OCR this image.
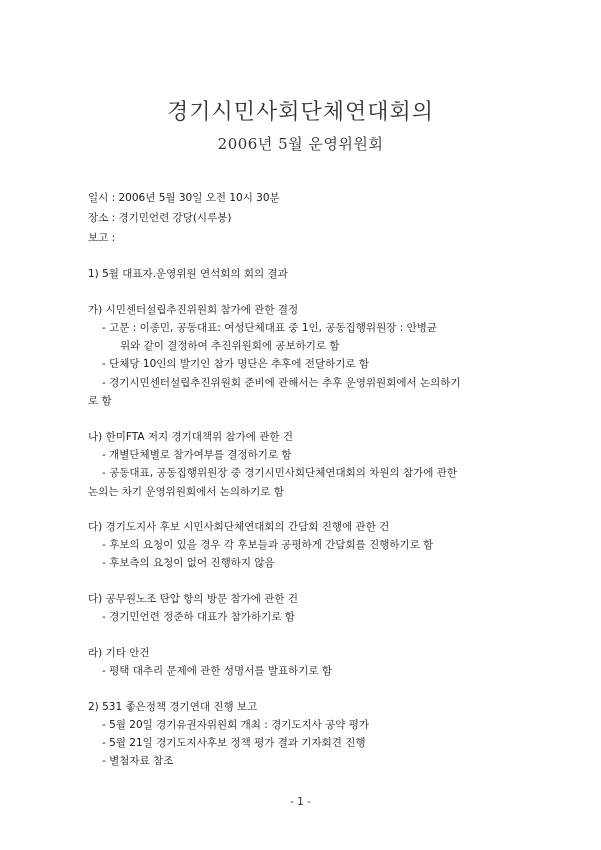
경기시민사회단체연대회의
2006년 5월 운영위원회
일시 : 2006년 5월 30일 오전 10시 30분
장소 : 경기민언련 강당(시루봉)
보고 :
1) 5월 대표자.운영위원 연석회의 회의 결과
가) 시민센터설립추진위원회 참가에 관한 결정
- 고문 : 이종민, 공동대표: 여성단체대표 중 1인, 공동집행위원장 : 안병균
위와 같이 결정하여 추진위원회에 공보하기로 함
- 단체당 10인의 발기인 참가 명단은 추후에 전달하기로 함
- 경기시민센터설립추진위원회 준비에 관해서는 추후 운영위원회에서 논의하기
로 함
나) 한미FTA 저지 경기대책위 참가에 관한 건
- 개별단체별로 참가여부를 결정하기로 함
- 공동대표, 공동집행위원장 중 경기시민사회단체연대회의 차원의 참가에 관한
논의는 차기 운영위원회에서 논의하기로 함
다) 경기도지사 후보 시민사회단체연대회의 간담회 진행에 관한 건
- 후보의 요청이 있을 경우 각 후보들과 공평하게 간담회를 진행하기로 함
- 후보측의 요청이 없어 진행하지 않음
다) 공무원노조 탄압 항의 방문 참가에 관한 건
- 경기민언련 정준하 대표가 참가하기로 함
라) 기타 안건
- 평택 대추리 문제에 관한 성명서를 발표하기로 함
2) 531 좋은정책 경기연대 진행 보고
- 5월 20일 경기유권자위원회 개최 : 경기도지사 공약 평가
- 5월 21일 경기도지사후보 정책 평가 결과 기자회견 진행
- 별첨자료 참조
- 1 -
